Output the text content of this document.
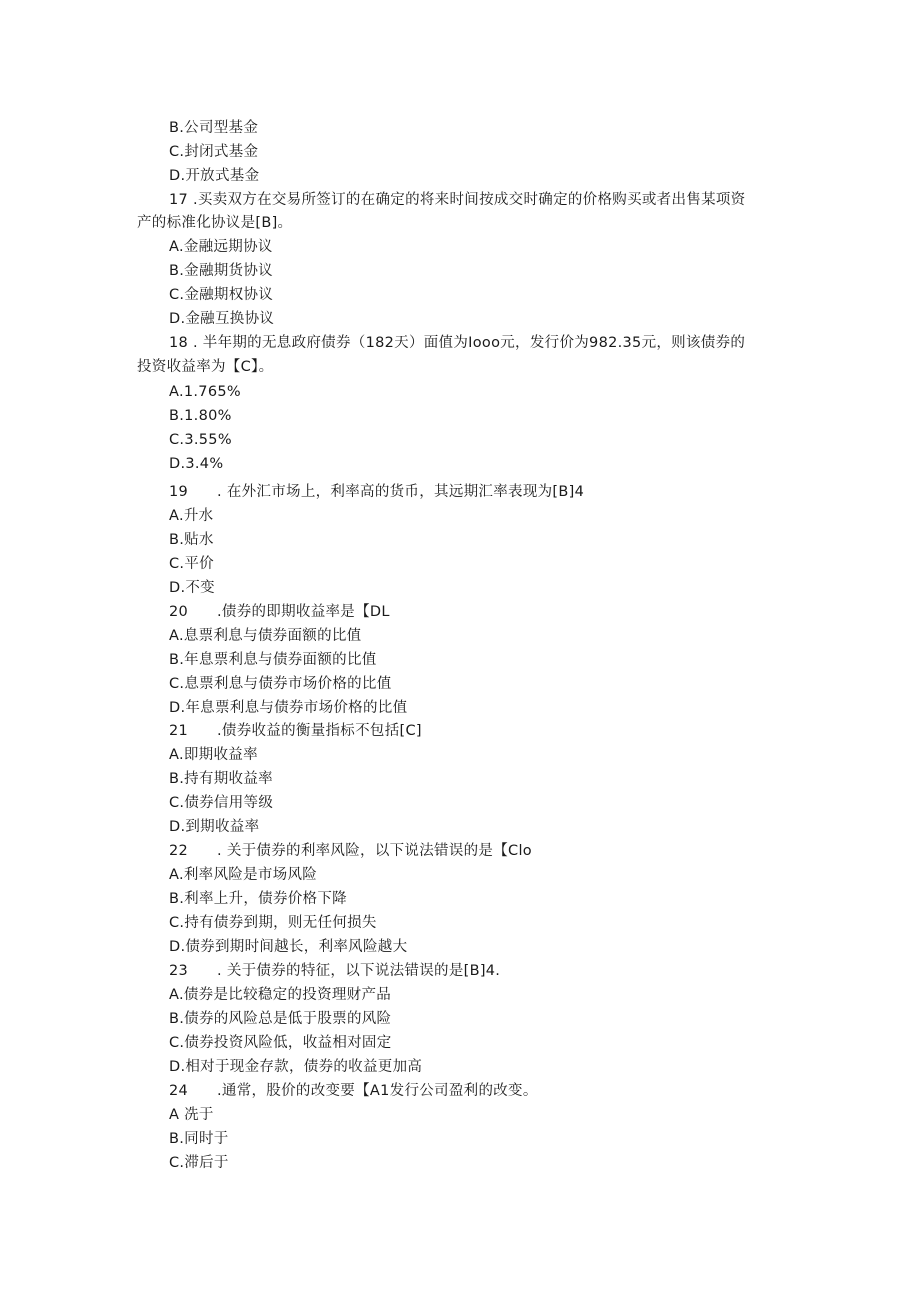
B.公司型基金
C.封闭式基金
D.开放式基金
17 .买卖双方在交易所签订的在确定的将来时间按成交时确定的价格购买或者出售某项资
产的标准化协议是[B]。
A.金融远期协议
B.金融期货协议
C.金融期权协议
D.金融互换协议
18 . 半年期的无息政府债券（182天）面值为Iooo元，发行价为982.35元，则该债券的
投资收益率为【C】。
A.1.765%
B.1.80%
C.3.55%
D.3.4%
19 . 在外汇市场上，利率高的货币，其远期汇率表现为[B]4
A.升水
B.贴水
C.平价
D.不变
20 .债券的即期收益率是【DL
A.息票利息与债券面额的比值
B.年息票利息与债券面额的比值
C.息票利息与债券市场价格的比值
D.年息票利息与债券市场价格的比值
21 .债券收益的衡量指标不包括[C]
A.即期收益率
B.持有期收益率
C.债券信用等级
D.到期收益率
22 . 关于债券的利率风险，以下说法错误的是【Clo
A.利率风险是市场风险
B.利率上升，债券价格下降
C.持有债券到期，则无任何损失
D.债券到期时间越长，利率风险越大
23 . 关于债券的特征，以下说法错误的是[B]4.
A.债券是比较稳定的投资理财产品
B.债券的风险总是低于股票的风险
C.债券投资风险低，收益相对固定
D.相对于现金存款，债券的收益更加高
24 .通常，股价的改变要【A1发行公司盈利的改变。
A 冼于
B.同时于
C.滞后于
